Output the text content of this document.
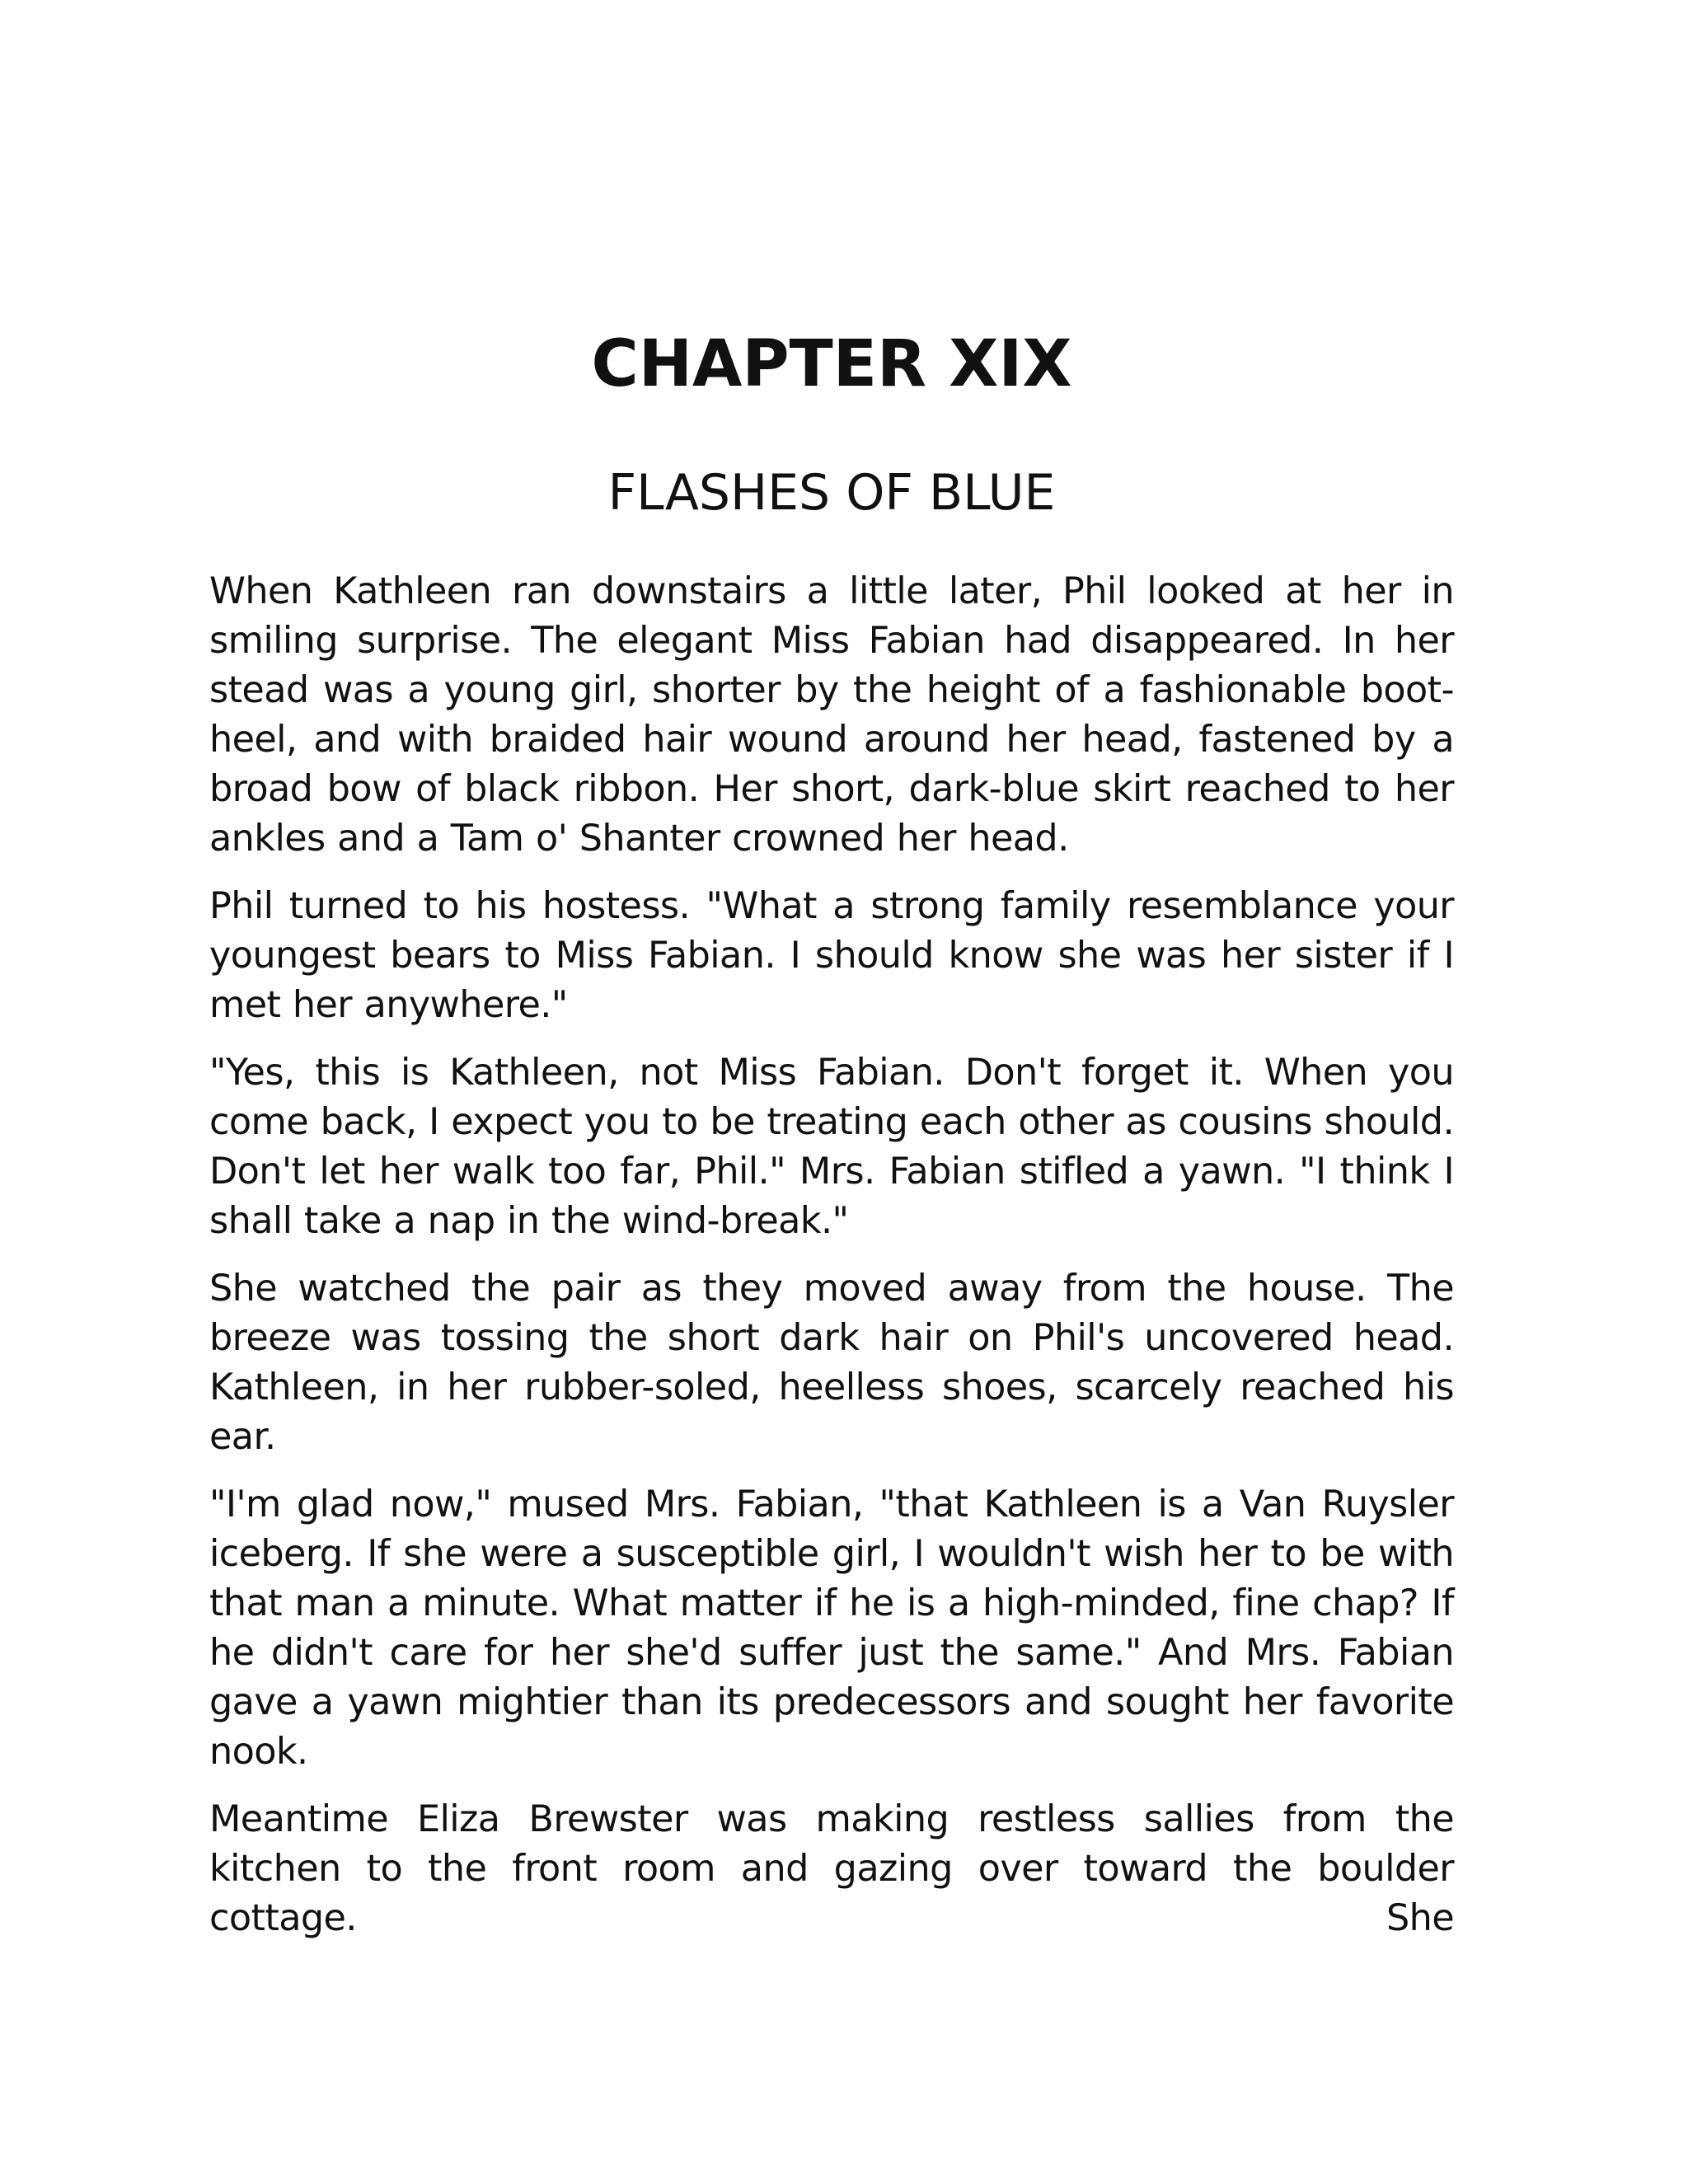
CHAPTER XIX
FLASHES OF BLUE

When Kathleen ran downstairs a little later, Phil looked at her in smiling surprise. The elegant Miss Fabian had disappeared. In her stead was a young girl, shorter by the height of a fashionable boot-heel, and with braided hair wound around her head, fastened by a broad bow of black ribbon. Her short, dark-blue skirt reached to her ankles and a Tam o' Shanter crowned her head.

Phil turned to his hostess. "What a strong family resemblance your youngest bears to Miss Fabian. I should know she was her sister if I met her anywhere."

"Yes, this is Kathleen, not Miss Fabian. Don't forget it. When you come back, I expect you to be treating each other as cousins should. Don't let her walk too far, Phil." Mrs. Fabian stifled a yawn. "I think I shall take a nap in the wind-break."

She watched the pair as they moved away from the house. The breeze was tossing the short dark hair on Phil's uncovered head. Kathleen, in her rubber-soled, heelless shoes, scarcely reached his ear.

"I'm glad now," mused Mrs. Fabian, "that Kathleen is a Van Ruysler iceberg. If she were a susceptible girl, I wouldn't wish her to be with that man a minute. What matter if he is a high-minded, fine chap? If he didn't care for her she'd suffer just the same." And Mrs. Fabian gave a yawn mightier than its predecessors and sought her favorite nook.

Meantime Eliza Brewster was making restless sallies from the kitchen to the front room and gazing over toward the boulder cottage. She
